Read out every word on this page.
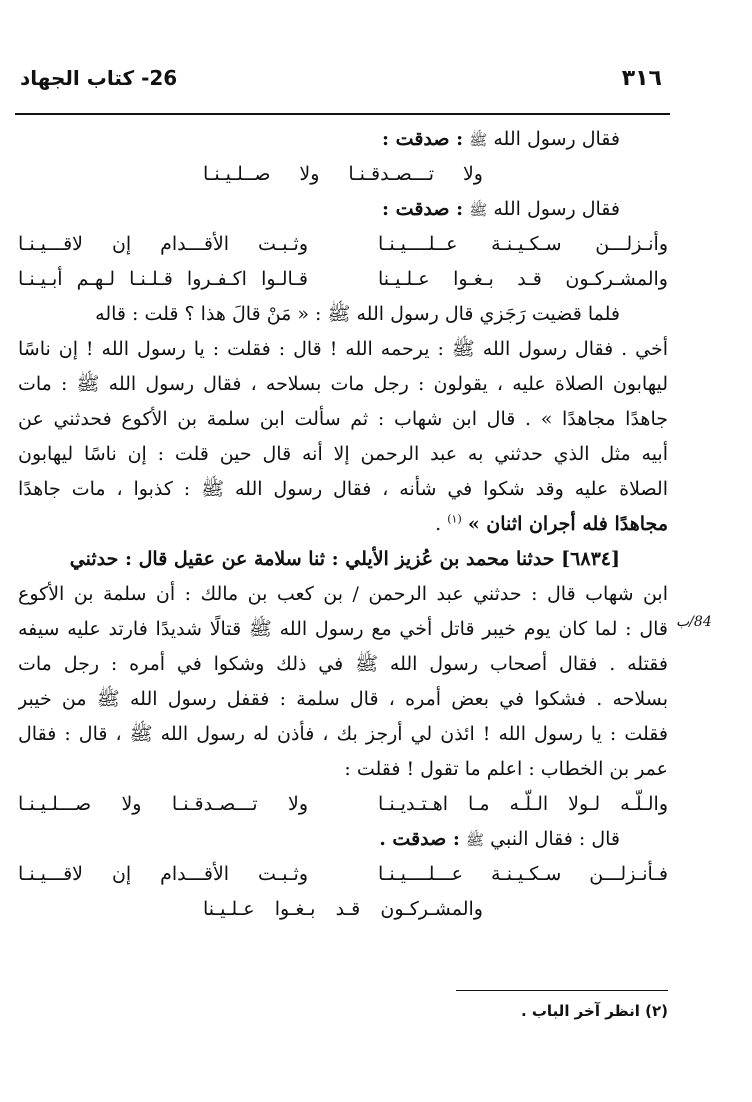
26- كتاب الجهاد	٣١٦
84/ب
فقال رسول الله ﷺ : صدقت :
ولا تـــصـدقـنـا ولا صــلـيـنـا
فقال رسول الله ﷺ : صدقت :
وأنـزلـــن سـكـيـنـة عــلــــيـنـا
وثـبـت الأقـــدام إن لاقـــيـنـا
والمشـركـون قـد بـغـوا عـلـيـنا
قـالـوا اكـفـروا قـلـنـا لـهـم أبـيـنـا
فلما قضيت رَجَزي قال رسول الله ﷺ : « مَنْ قالَ هذا ؟ قلت : قاله
أخي . فقال رسول الله ﷺ : يرحمه الله ! قال : فقلت : يا رسول الله ! إن ناسًا
ليهابون الصلاة عليه ، يقولون : رجل مات بسلاحه ، فقال رسول الله ﷺ : مات
جاهدًا مجاهدًا » . قال ابن شهاب : ثم سألت ابن سلمة بن الأكوع فحدثني عن
أبيه مثل الذي حدثني به عبد الرحمن إلا أنه قال حين قلت : إن ناسًا ليهابون
الصلاة عليه وقد شكوا في شأنه ، فقال رسول الله ﷺ : كذبوا ، مات جاهدًا
مجاهدًا فله أجران اثنان » $^{(١)}$ .
[٦٨٣٤] حدثنا محمد بن عُزيز الأيلي : ثنا سلامة عن عقيل قال : حدثني
ابن شهاب قال : حدثني عبد الرحمن / بن كعب بن مالك : أن سلمة بن الأكوع
قال : لما كان يوم خيبر قاتل أخي مع رسول الله ﷺ قتالًا شديدًا فارتد عليه سيفه
فقتله . فقال أصحاب رسول الله ﷺ في ذلك وشكوا في أمره : رجل مات
بسلاحه . فشكوا في بعض أمره ، قال سلمة : فقفل رسول الله ﷺ من خيبر
فقلت : يا رسول الله ! ائذن لي أرجز بك ، فأذن له رسول الله ﷺ ، قال : فقال
عمر بن الخطاب : اعلم ما تقول ! فقلت :
والـلّـه لـولا الـلّـه مـا اهـتـديـنـا
ولا تـــصـدقـنـا ولا صـــلـيـنـا
قال : فقال النبي ﷺ : صدقت .
فـأنـزلـــن سـكـيـنـة عـــلــــيـنـا
وثـبـت الأقـــدام إن لاقـــيـنـا
والمشـركـون قـد بـغـوا عـلـيـنا
(٢) انظر آخر الباب .
